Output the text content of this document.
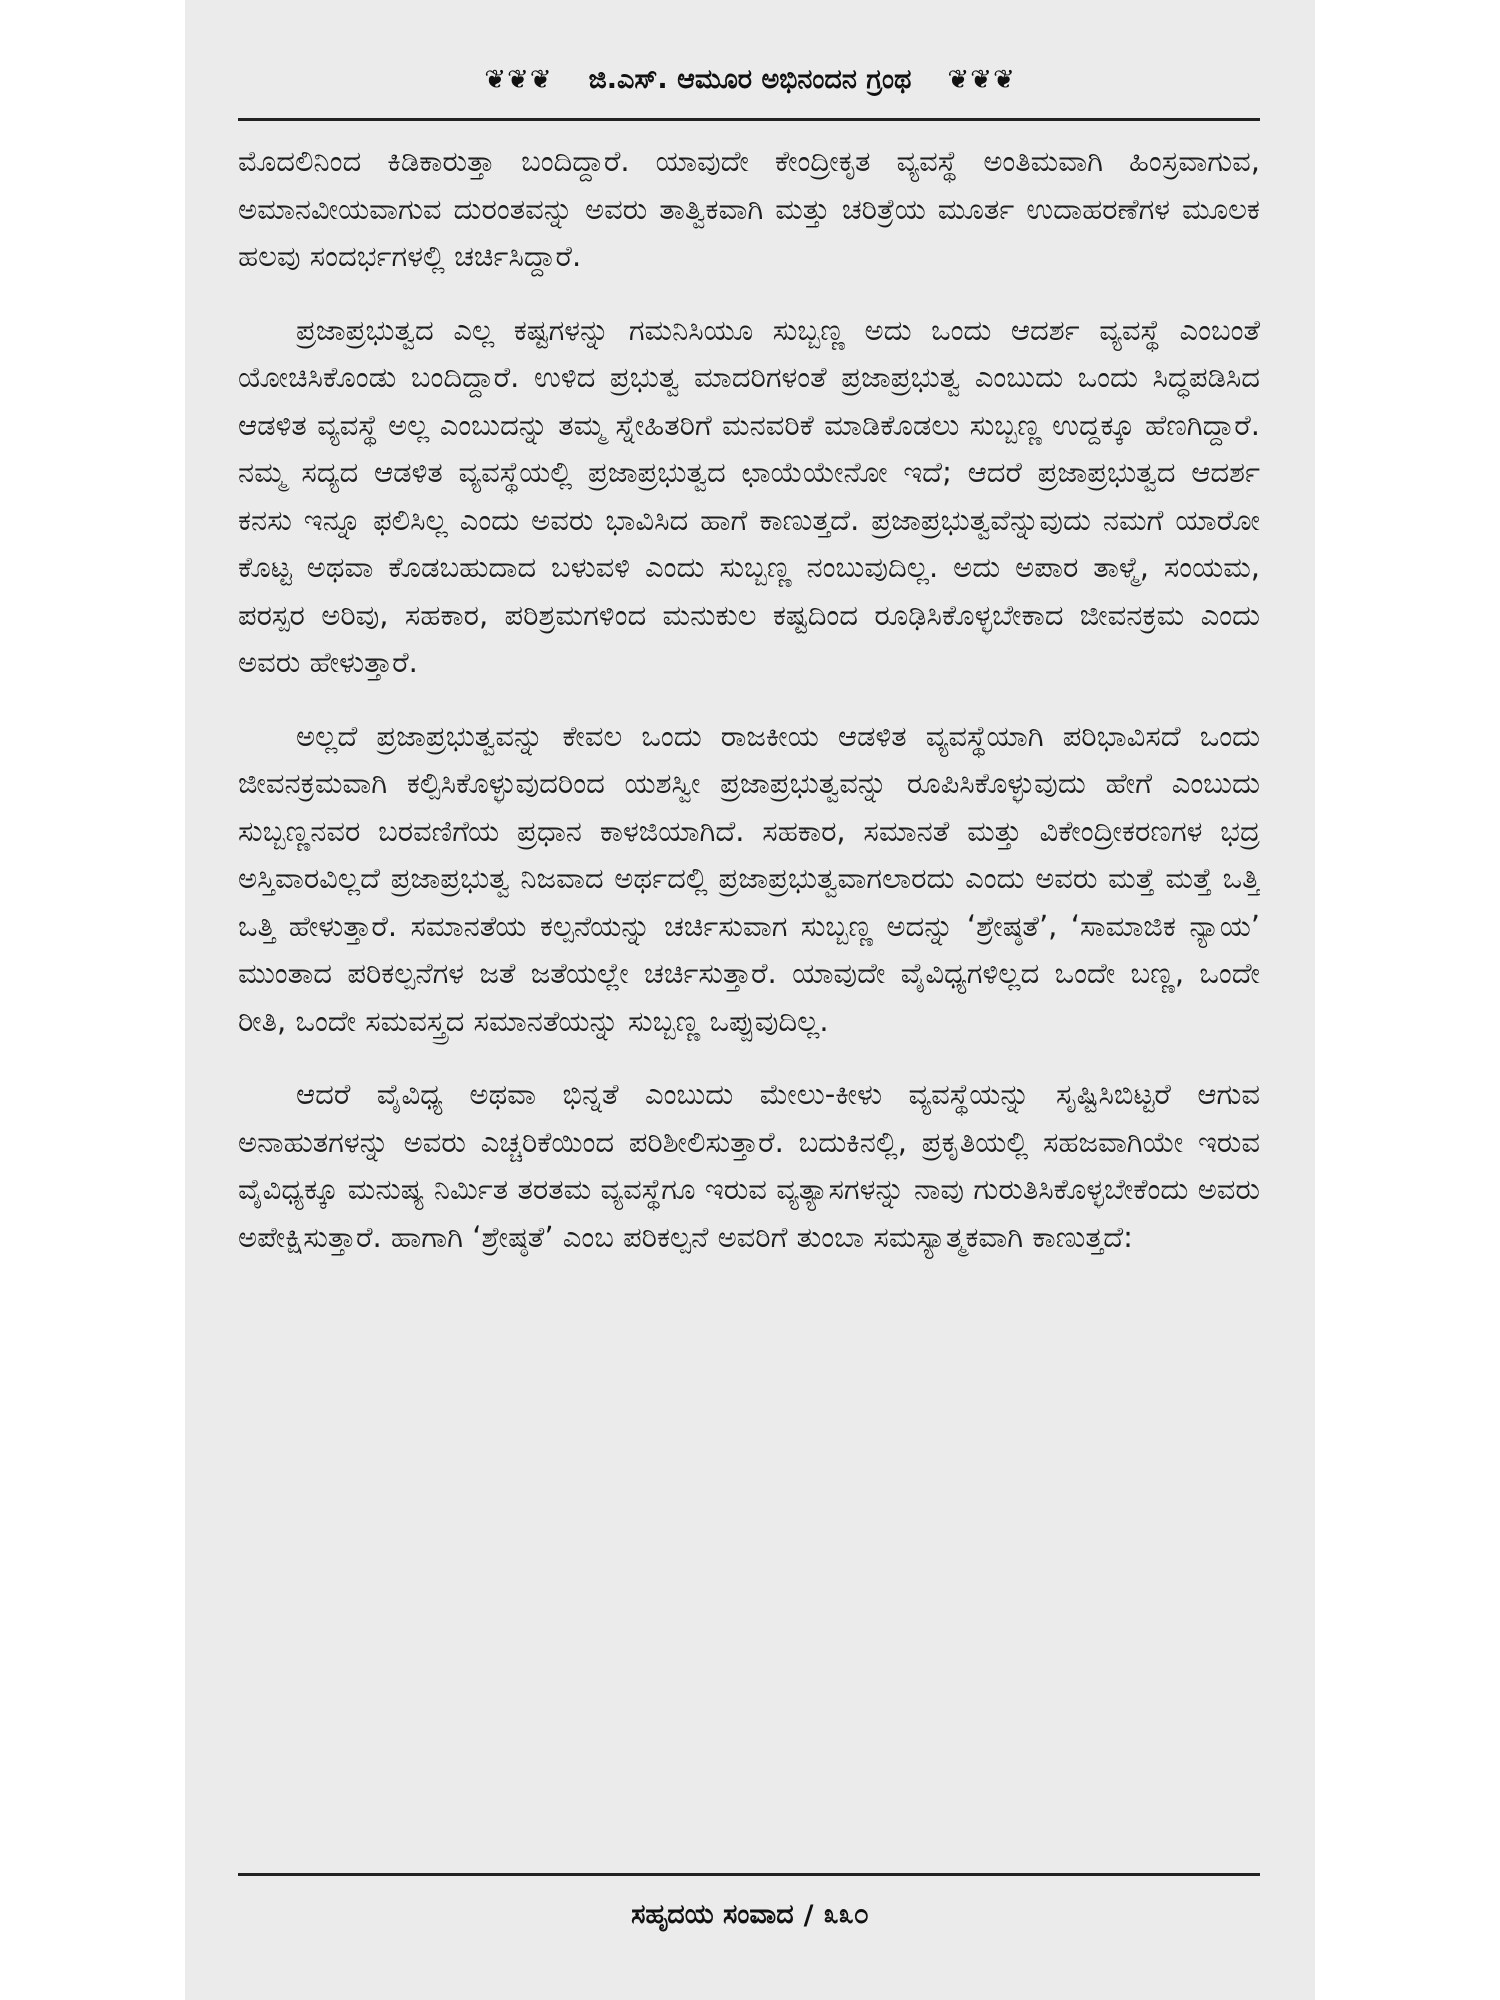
❦❦❦ ಜಿ.ಎಸ್. ಆಮೂರ ಅಭಿನಂದನ ಗ್ರಂಥ ❦❦❦

ಮೊದಲಿನಿಂದ ಕಿಡಿಕಾರುತ್ತಾ ಬಂದಿದ್ದಾರೆ. ಯಾವುದೇ ಕೇಂದ್ರೀಕೃತ ವ್ಯವಸ್ಥೆ ಅಂತಿಮವಾಗಿ ಹಿಂಸ್ರವಾಗುವ, ಅಮಾನವೀಯವಾಗುವ ದುರಂತವನ್ನು ಅವರು ತಾತ್ವಿಕವಾಗಿ ಮತ್ತು ಚರಿತ್ರೆಯ ಮೂರ್ತ ಉದಾಹರಣೆಗಳ ಮೂಲಕ ಹಲವು ಸಂದರ್ಭಗಳಲ್ಲಿ ಚರ್ಚಿಸಿದ್ದಾರೆ.

ಪ್ರಜಾಪ್ರಭುತ್ವದ ಎಲ್ಲ ಕಷ್ಟಗಳನ್ನು ಗಮನಿಸಿಯೂ ಸುಬ್ಬಣ್ಣ ಅದು ಒಂದು ಆದರ್ಶ ವ್ಯವಸ್ಥೆ ಎಂಬಂತೆ ಯೋಚಿಸಿಕೊಂಡು ಬಂದಿದ್ದಾರೆ. ಉಳಿದ ಪ್ರಭುತ್ವ ಮಾದರಿಗಳಂತೆ ಪ್ರಜಾಪ್ರಭುತ್ವ ಎಂಬುದು ಒಂದು ಸಿದ್ಧಪಡಿಸಿದ ಆಡಳಿತ ವ್ಯವಸ್ಥೆ ಅಲ್ಲ ಎಂಬುದನ್ನು ತಮ್ಮ ಸ್ನೇಹಿತರಿಗೆ ಮನವರಿಕೆ ಮಾಡಿಕೊಡಲು ಸುಬ್ಬಣ್ಣ ಉದ್ದಕ್ಕೂ ಹೆಣಗಿದ್ದಾರೆ. ನಮ್ಮ ಸದ್ಯದ ಆಡಳಿತ ವ್ಯವಸ್ಥೆಯಲ್ಲಿ ಪ್ರಜಾಪ್ರಭುತ್ವದ ಛಾಯೆಯೇನೋ ಇದೆ; ಆದರೆ ಪ್ರಜಾಪ್ರಭುತ್ವದ ಆದರ್ಶ ಕನಸು ಇನ್ನೂ ಫಲಿಸಿಲ್ಲ ಎಂದು ಅವರು ಭಾವಿಸಿದ ಹಾಗೆ ಕಾಣುತ್ತದೆ. ಪ್ರಜಾಪ್ರಭುತ್ವವೆನ್ನುವುದು ನಮಗೆ ಯಾರೋ ಕೊಟ್ಟ ಅಥವಾ ಕೊಡಬಹುದಾದ ಬಳುವಳಿ ಎಂದು ಸುಬ್ಬಣ್ಣ ನಂಬುವುದಿಲ್ಲ. ಅದು ಅಪಾರ ತಾಳ್ಮೆ, ಸಂಯಮ, ಪರಸ್ಪರ ಅರಿವು, ಸಹಕಾರ, ಪರಿಶ್ರಮಗಳಿಂದ ಮನುಕುಲ ಕಷ್ಟದಿಂದ ರೂಢಿಸಿಕೊಳ್ಳಬೇಕಾದ ಜೀವನಕ್ರಮ ಎಂದು ಅವರು ಹೇಳುತ್ತಾರೆ.

ಅಲ್ಲದೆ ಪ್ರಜಾಪ್ರಭುತ್ವವನ್ನು ಕೇವಲ ಒಂದು ರಾಜಕೀಯ ಆಡಳಿತ ವ್ಯವಸ್ಥೆಯಾಗಿ ಪರಿಭಾವಿಸದೆ ಒಂದು ಜೀವನಕ್ರಮವಾಗಿ ಕಲ್ಪಿಸಿಕೊಳ್ಳುವುದರಿಂದ ಯಶಸ್ವೀ ಪ್ರಜಾಪ್ರಭುತ್ವವನ್ನು ರೂಪಿಸಿಕೊಳ್ಳುವುದು ಹೇಗೆ ಎಂಬುದು ಸುಬ್ಬಣ್ಣನವರ ಬರವಣಿಗೆಯ ಪ್ರಧಾನ ಕಾಳಜಿಯಾಗಿದೆ. ಸಹಕಾರ, ಸಮಾನತೆ ಮತ್ತು ವಿಕೇಂದ್ರೀಕರಣಗಳ ಭದ್ರ ಅಸ್ತಿವಾರವಿಲ್ಲದೆ ಪ್ರಜಾಪ್ರಭುತ್ವ ನಿಜವಾದ ಅರ್ಥದಲ್ಲಿ ಪ್ರಜಾಪ್ರಭುತ್ವವಾಗಲಾರದು ಎಂದು ಅವರು ಮತ್ತೆ ಮತ್ತೆ ಒತ್ತಿ ಒತ್ತಿ ಹೇಳುತ್ತಾರೆ. ಸಮಾನತೆಯ ಕಲ್ಪನೆಯನ್ನು ಚರ್ಚಿಸುವಾಗ ಸುಬ್ಬಣ್ಣ ಅದನ್ನು ‘ಶ್ರೇಷ್ಠತೆ’, ‘ಸಾಮಾಜಿಕ ನ್ಯಾಯ’ ಮುಂತಾದ ಪರಿಕಲ್ಪನೆಗಳ ಜತೆ ಜತೆಯಲ್ಲೇ ಚರ್ಚಿಸುತ್ತಾರೆ. ಯಾವುದೇ ವೈವಿಧ್ಯಗಳಿಲ್ಲದ ಒಂದೇ ಬಣ್ಣ, ಒಂದೇ ರೀತಿ, ಒಂದೇ ಸಮವಸ್ತ್ರದ ಸಮಾನತೆಯನ್ನು ಸುಬ್ಬಣ್ಣ ಒಪ್ಪುವುದಿಲ್ಲ.

ಆದರೆ ವೈವಿಧ್ಯ ಅಥವಾ ಭಿನ್ನತೆ ಎಂಬುದು ಮೇಲು-ಕೀಳು ವ್ಯವಸ್ಥೆಯನ್ನು ಸೃಷ್ಟಿಸಿಬಿಟ್ಟರೆ ಆಗುವ ಅನಾಹುತಗಳನ್ನು ಅವರು ಎಚ್ಚರಿಕೆಯಿಂದ ಪರಿಶೀಲಿಸುತ್ತಾರೆ. ಬದುಕಿನಲ್ಲಿ, ಪ್ರಕೃತಿಯಲ್ಲಿ ಸಹಜವಾಗಿಯೇ ಇರುವ ವೈವಿಧ್ಯಕ್ಕೂ ಮನುಷ್ಯ ನಿರ್ಮಿತ ತರತಮ ವ್ಯವಸ್ಥೆಗೂ ಇರುವ ವ್ಯತ್ಯಾಸಗಳನ್ನು ನಾವು ಗುರುತಿಸಿಕೊಳ್ಳಬೇಕೆಂದು ಅವರು ಅಪೇಕ್ಷಿಸುತ್ತಾರೆ. ಹಾಗಾಗಿ ‘ಶ್ರೇಷ್ಠತೆ’ ಎಂಬ ಪರಿಕಲ್ಪನೆ ಅವರಿಗೆ ತುಂಬಾ ಸಮಸ್ಯಾತ್ಮಕವಾಗಿ ಕಾಣುತ್ತದೆ:

ಸಹೃದಯ ಸಂವಾದ / ೩೩೦
